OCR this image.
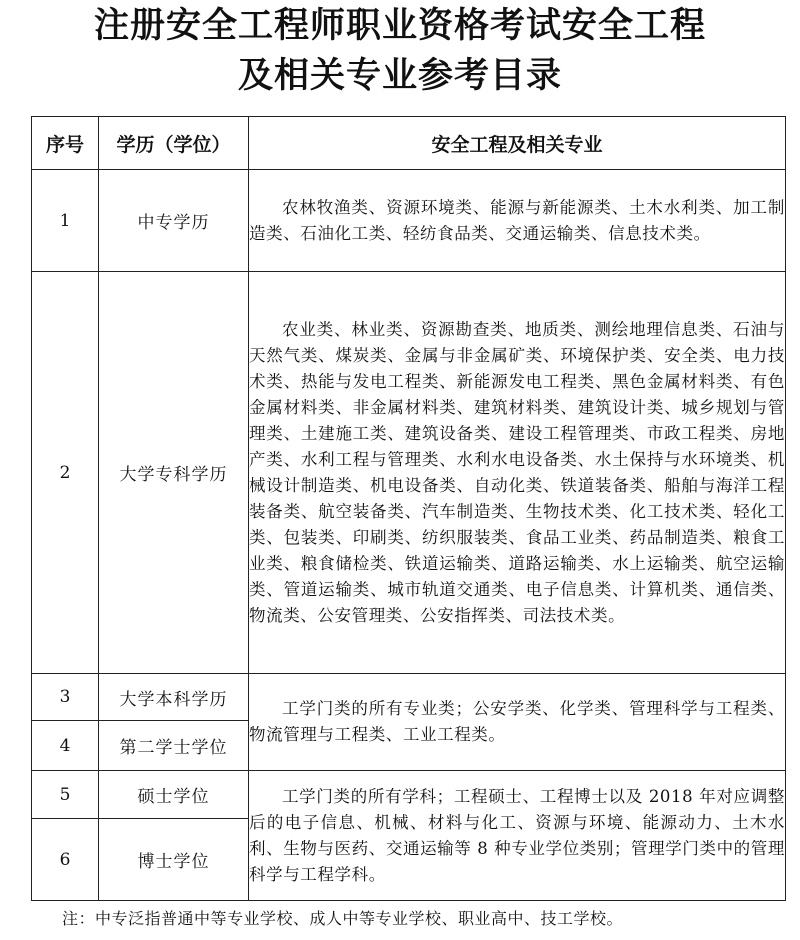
注册安全工程师职业资格考试安全工程
及相关专业参考目录
序号	学历（学位）	安全工程及相关专业
1	中专学历	农林牧渔类、资源环境类、能源与新能源类、土木水利类、加工制造类、石油化工类、轻纺食品类、交通运输类、信息技术类。

2	大学专科学历	农业类、林业类、资源勘查类、地质类、测绘地理信息类、石油与天然气类、煤炭类、金属与非金属矿类、环境保护类、安全类、电力技术类、热能与发电工程类、新能源发电工程类、黑色金属材料类、有色金属材料类、非金属材料类、建筑材料类、建筑设计类、城乡规划与管理类、土建施工类、建筑设备类、建设工程管理类、市政工程类、房地产类、水利工程与管理类、水利水电设备类、水土保持与水环境类、机械设计制造类、机电设备类、自动化类、铁道装备类、船舶与海洋工程装备类、航空装备类、汽车制造类、生物技术类、化工技术类、轻化工类、包装类、印刷类、纺织服装类、食品工业类、药品制造类、粮食工业类、粮食储检类、铁道运输类、道路运输类、水上运输类、航空运输类、管道运输类、城市轨道交通类、电子信息类、计算机类、通信类、物流类、公安管理类、公安指挥类、司法技术类。

3	大学本科学历	工学门类的所有专业类；公安学类、化学类、管理科学与工程类、物流管理与工程类、工业工程类。

4	第二学士学位	
5	硕士学位	工学门类的所有学科；工程硕士、工程博士以及 2018 年对应调整后的电子信息、机械、材料与化工、资源与环境、能源动力、土木水利、生物与医药、交通运输等 8 种专业学位类别；管理学门类中的管理科学与工程学科。

6	博士学位	
注：中专泛指普通中等专业学校、成人中等专业学校、职业高中、技工学校。
